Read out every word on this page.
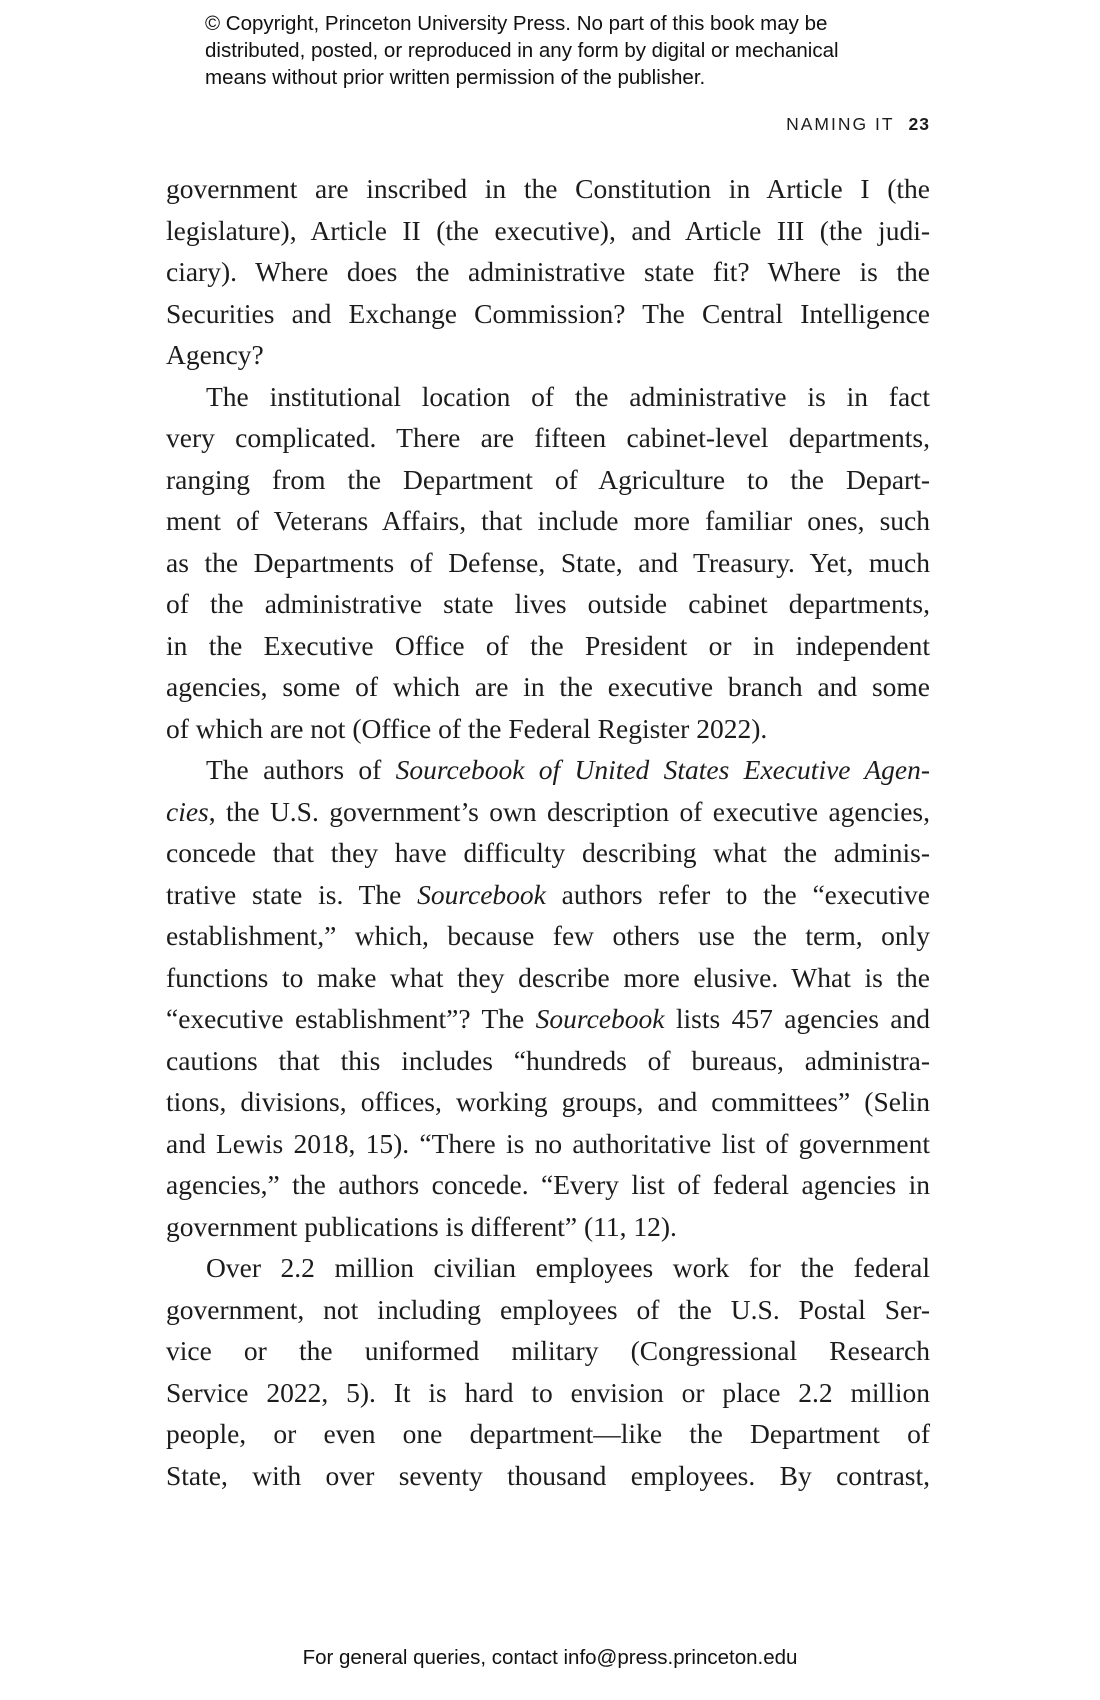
© Copyright, Princeton University Press. No part of this book may be
distributed, posted, or reproduced in any form by digital or mechanical
means without prior written permission of the publisher.
NAMING IT 23
government are inscribed in the Constitution in Article I (the
legislature), Article II (the executive), and Article III (the judi-
ciary). Where does the administrative state fit? Where is the
Securities and Exchange Commission? The Central Intelligence
Agency?
The institutional location of the administrative is in fact
very complicated. There are fifteen cabinet-level departments,
ranging from the Department of Agriculture to the Depart-
ment of Veterans Affairs, that include more familiar ones, such
as the Departments of Defense, State, and Treasury. Yet, much
of the administrative state lives outside cabinet departments,
in the Executive Office of the President or in independent
agencies, some of which are in the executive branch and some
of which are not (Office of the Federal Register 2022).
The authors of Sourcebook of United States Executive Agen-
cies, the U.S. government’s own description of executive agencies,
concede that they have difficulty describing what the adminis-
trative state is. The Sourcebook authors refer to the “executive
establishment,” which, because few others use the term, only
functions to make what they describe more elusive. What is the
“executive establishment”? The Sourcebook lists 457 agencies and
cautions that this includes “hundreds of bureaus, administra-
tions, divisions, offices, working groups, and committees” (Selin
and Lewis 2018, 15). “There is no authoritative list of government
agencies,” the authors concede. “Every list of federal agencies in
government publications is different” (11, 12).
Over 2.2 million civilian employees work for the federal
government, not including employees of the U.S. Postal Ser-
vice or the uniformed military (Congressional Research
Service 2022, 5). It is hard to envision or place 2.2 million
people, or even one department—like the Department of
State, with over seventy thousand employees. By contrast,
For general queries, contact info@press.princeton.edu
